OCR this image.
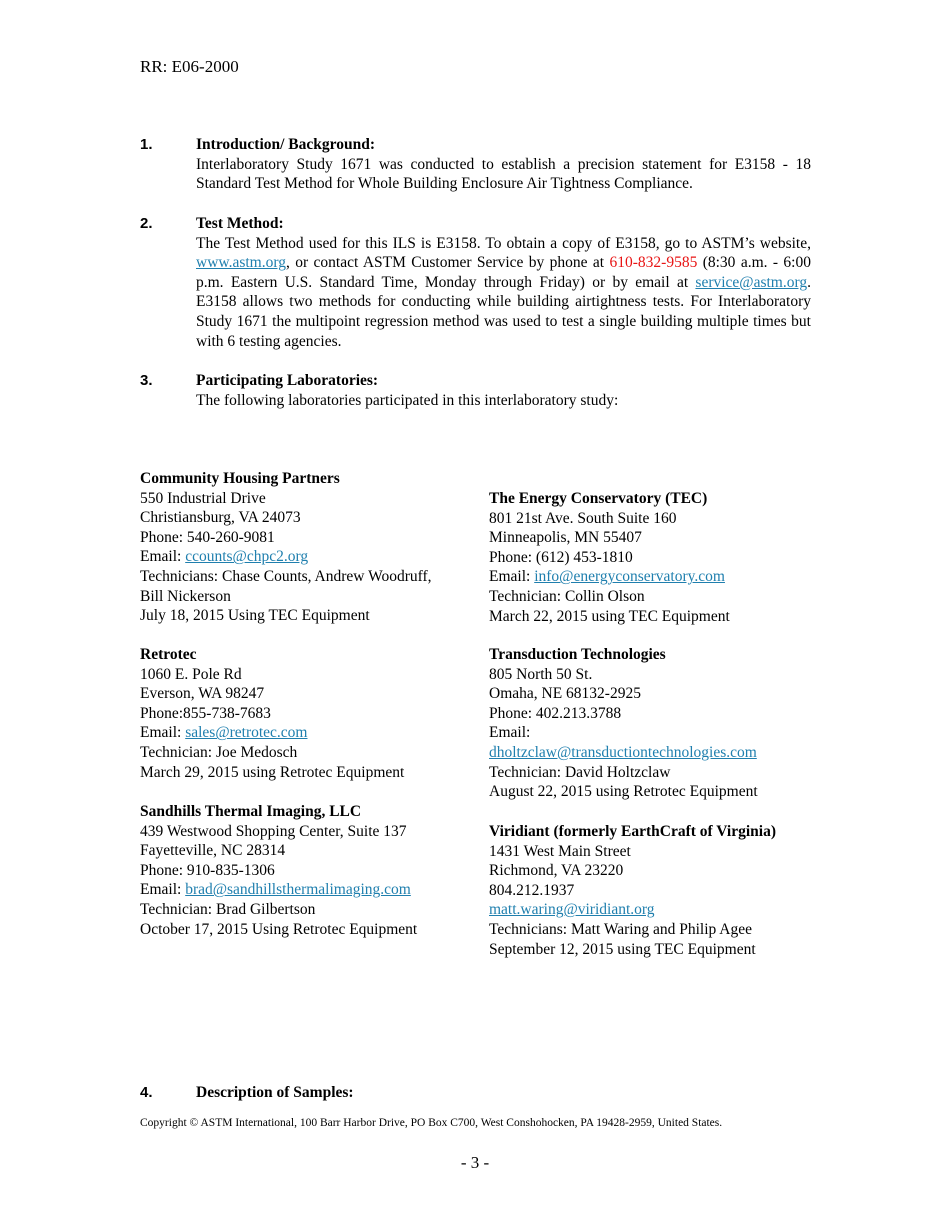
RR: E06-2000
1.	Introduction/ Background:
Interlaboratory Study 1671 was conducted to establish a precision statement for E3158 - 18 Standard Test Method for Whole Building Enclosure Air Tightness Compliance.
2.	Test Method:
The Test Method used for this ILS is E3158. To obtain a copy of E3158, go to ASTM’s website, www.astm.org, or contact ASTM Customer Service by phone at 610-832-9585 (8:30 a.m. - 6:00 p.m. Eastern U.S. Standard Time, Monday through Friday) or by email at service@astm.org. E3158 allows two methods for conducting while building airtightness tests. For Interlaboratory Study 1671 the multipoint regression method was used to test a single building multiple times but with 6 testing agencies.
3.	Participating Laboratories:
The following laboratories participated in this interlaboratory study:
Community Housing Partners
550 Industrial Drive
Christiansburg, VA 24073
Phone: 540-260-9081
Email: ccounts@chpc2.org
Technicians: Chase Counts, Andrew Woodruff,
Bill Nickerson
July 18, 2015 Using TEC Equipment
Retrotec
1060 E. Pole Rd
Everson, WA 98247
Phone:855-738-7683
Email: sales@retrotec.com
Technician: Joe Medosch
March 29, 2015 using Retrotec Equipment
Sandhills Thermal Imaging, LLC
439 Westwood Shopping Center, Suite 137
Fayetteville, NC 28314
Phone: 910-835-1306
Email: brad@sandhillsthermalimaging.com
Technician: Brad Gilbertson
October 17, 2015 Using Retrotec Equipment
The Energy Conservatory (TEC)
801 21st Ave. South Suite 160
Minneapolis, MN 55407
Phone: (612) 453-1810
Email: info@energyconservatory.com
Technician: Collin Olson
March 22, 2015 using TEC Equipment
Transduction Technologies
805 North 50 St.
Omaha, NE 68132-2925
Phone: 402.213.3788
Email:
dholtzclaw@transductiontechnologies.com
Technician: David Holtzclaw
August 22, 2015 using Retrotec Equipment
Viridiant (formerly EarthCraft of Virginia)
1431 West Main Street
Richmond, VA 23220
804.212.1937
matt.waring@viridiant.org
Technicians: Matt Waring and Philip Agee
September 12, 2015 using TEC Equipment
4.	Description of Samples:
Copyright © ASTM International, 100 Barr Harbor Drive, PO Box C700, West Conshohocken, PA 19428-2959, United States.
- 3 -
